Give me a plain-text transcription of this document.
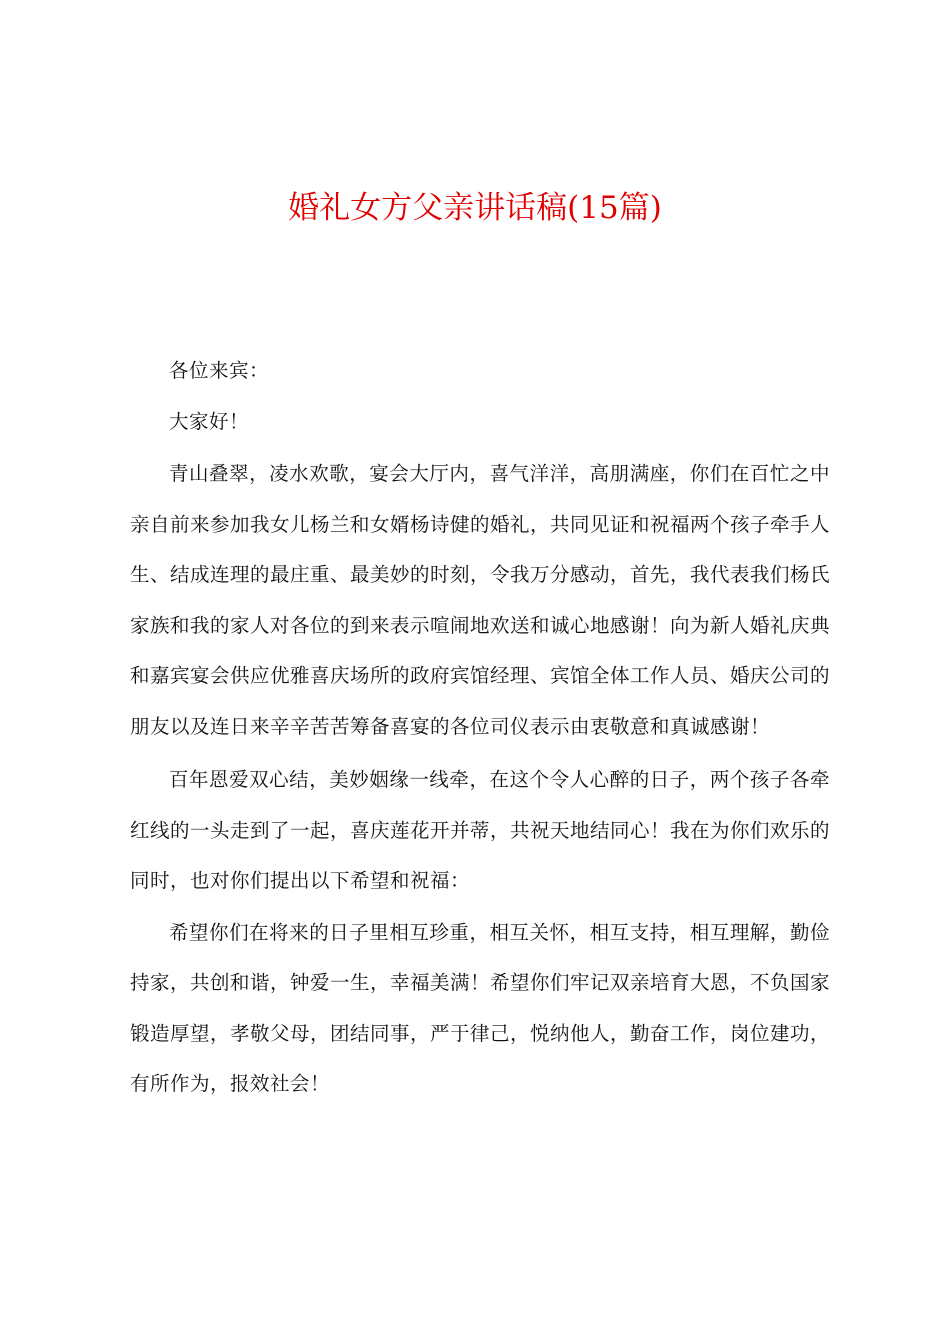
婚礼女方父亲讲话稿(15篇)

各位来宾：

大家好！

青山叠翠，凌水欢歌，宴会大厅内，喜气洋洋，高朋满座，你们在百忙之中亲自前来参加我女儿杨兰和女婿杨诗健的婚礼，共同见证和祝福两个孩子牵手人生、结成连理的最庄重、最美妙的时刻，令我万分感动，首先，我代表我们杨氏家族和我的家人对各位的到来表示喧闹地欢送和诚心地感谢！向为新人婚礼庆典和嘉宾宴会供应优雅喜庆场所的政府宾馆经理、宾馆全体工作人员、婚庆公司的朋友以及连日来辛辛苦苦筹备喜宴的各位司仪表示由衷敬意和真诚感谢！

百年恩爱双心结，美妙姻缘一线牵，在这个令人心醉的日子，两个孩子各牵红线的一头走到了一起，喜庆莲花开并蒂，共祝天地结同心！我在为你们欢乐的同时，也对你们提出以下希望和祝福：

希望你们在将来的日子里相互珍重，相互关怀，相互支持，相互理解，勤俭持家，共创和谐，钟爱一生，幸福美满！希望你们牢记双亲培育大恩，不负国家锻造厚望，孝敬父母，团结同事，严于律己，悦纳他人，勤奋工作，岗位建功，有所作为，报效社会！
